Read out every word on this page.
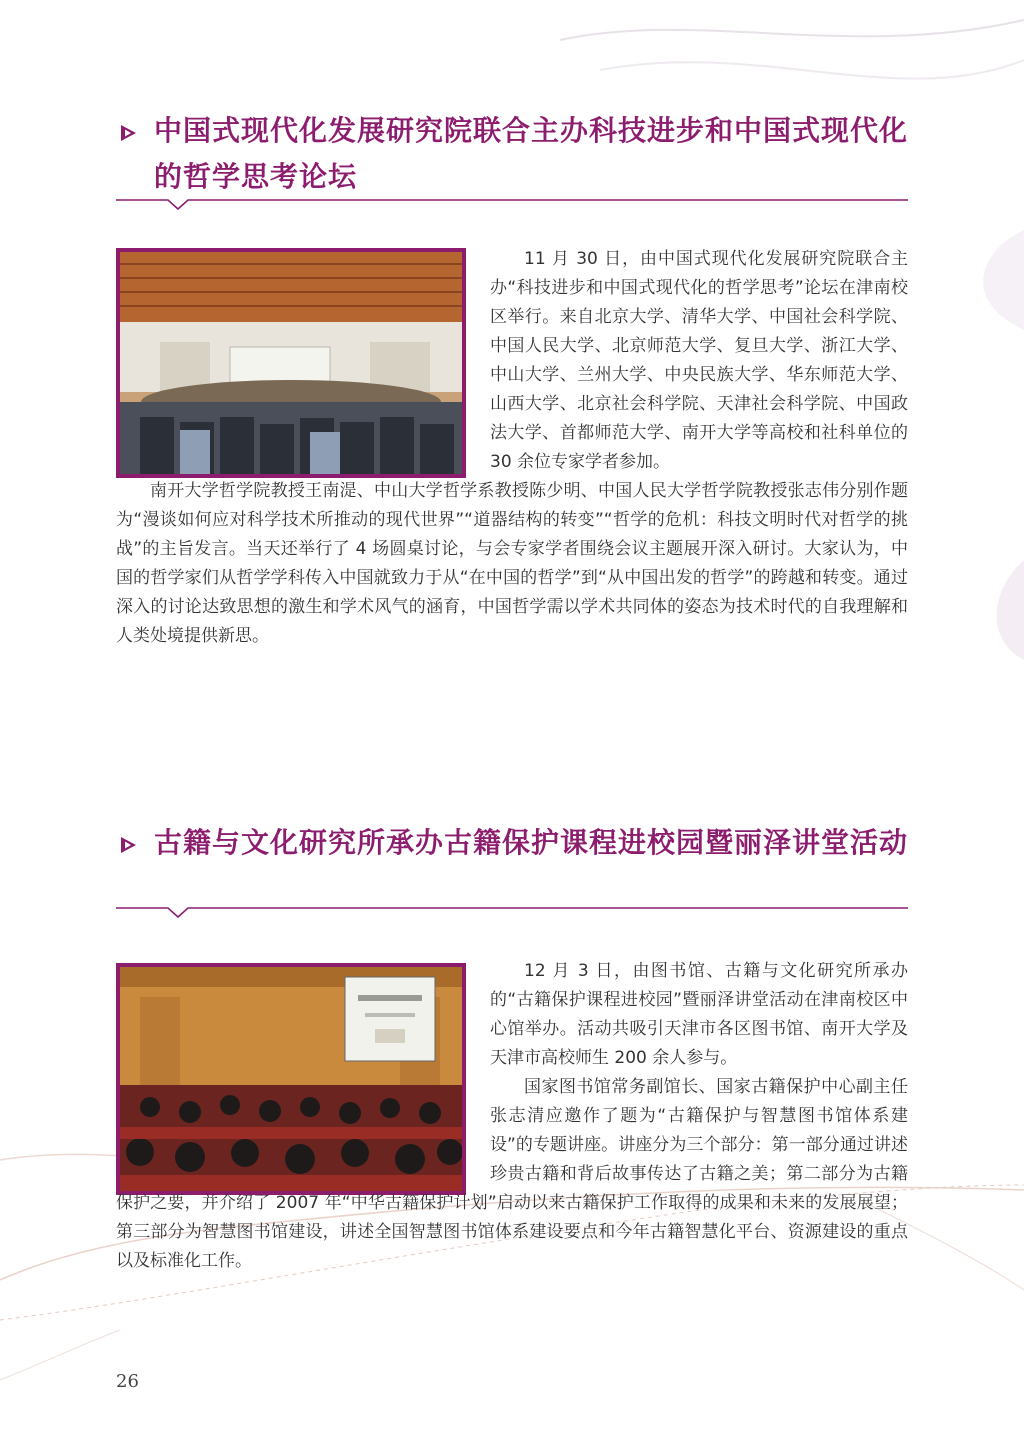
中国式现代化发展研究院联合主办科技进步和中国式现代化的哲学思考论坛
11 月 30 日，由中国式现代化发展研究院联合主办“科技进步和中国式现代化的哲学思考”论坛在津南校区举行。来自北京大学、清华大学、中国社会科学院、中国人民大学、北京师范大学、复旦大学、浙江大学、中山大学、兰州大学、中央民族大学、华东师范大学、山西大学、北京社会科学院、天津社会科学院、中国政法大学、首都师范大学、南开大学等高校和社科单位的 30 余位专家学者参加。
南开大学哲学院教授王南湜、中山大学哲学系教授陈少明、中国人民大学哲学院教授张志伟分别作题为“漫谈如何应对科学技术所推动的现代世界”“道器结构的转变”“哲学的危机：科技文明时代对哲学的挑战”的主旨发言。当天还举行了 4 场圆桌讨论，与会专家学者围绕会议主题展开深入研讨。大家认为，中国的哲学家们从哲学学科传入中国就致力于从“在中国的哲学”到“从中国出发的哲学”的跨越和转变。通过深入的讨论达致思想的激生和学术风气的涵育，中国哲学需以学术共同体的姿态为技术时代的自我理解和人类处境提供新思。
古籍与文化研究所承办古籍保护课程进校园暨丽泽讲堂活动
12 月 3 日，由图书馆、古籍与文化研究所承办的“古籍保护课程进校园”暨丽泽讲堂活动在津南校区中心馆举办。活动共吸引天津市各区图书馆、南开大学及天津市高校师生 200 余人参与。
国家图书馆常务副馆长、国家古籍保护中心副主任张志清应邀作了题为“古籍保护与智慧图书馆体系建设”的专题讲座。讲座分为三个部分：第一部分通过讲述珍贵古籍和背后故事传达了古籍之美；第二部分为古籍保护之要，并介绍了 2007 年“中华古籍保护计划”启动以来古籍保护工作取得的成果和未来的发展展望；第三部分为智慧图书馆建设，讲述全国智慧图书馆体系建设要点和今年古籍智慧化平台、资源建设的重点以及标准化工作。
26
